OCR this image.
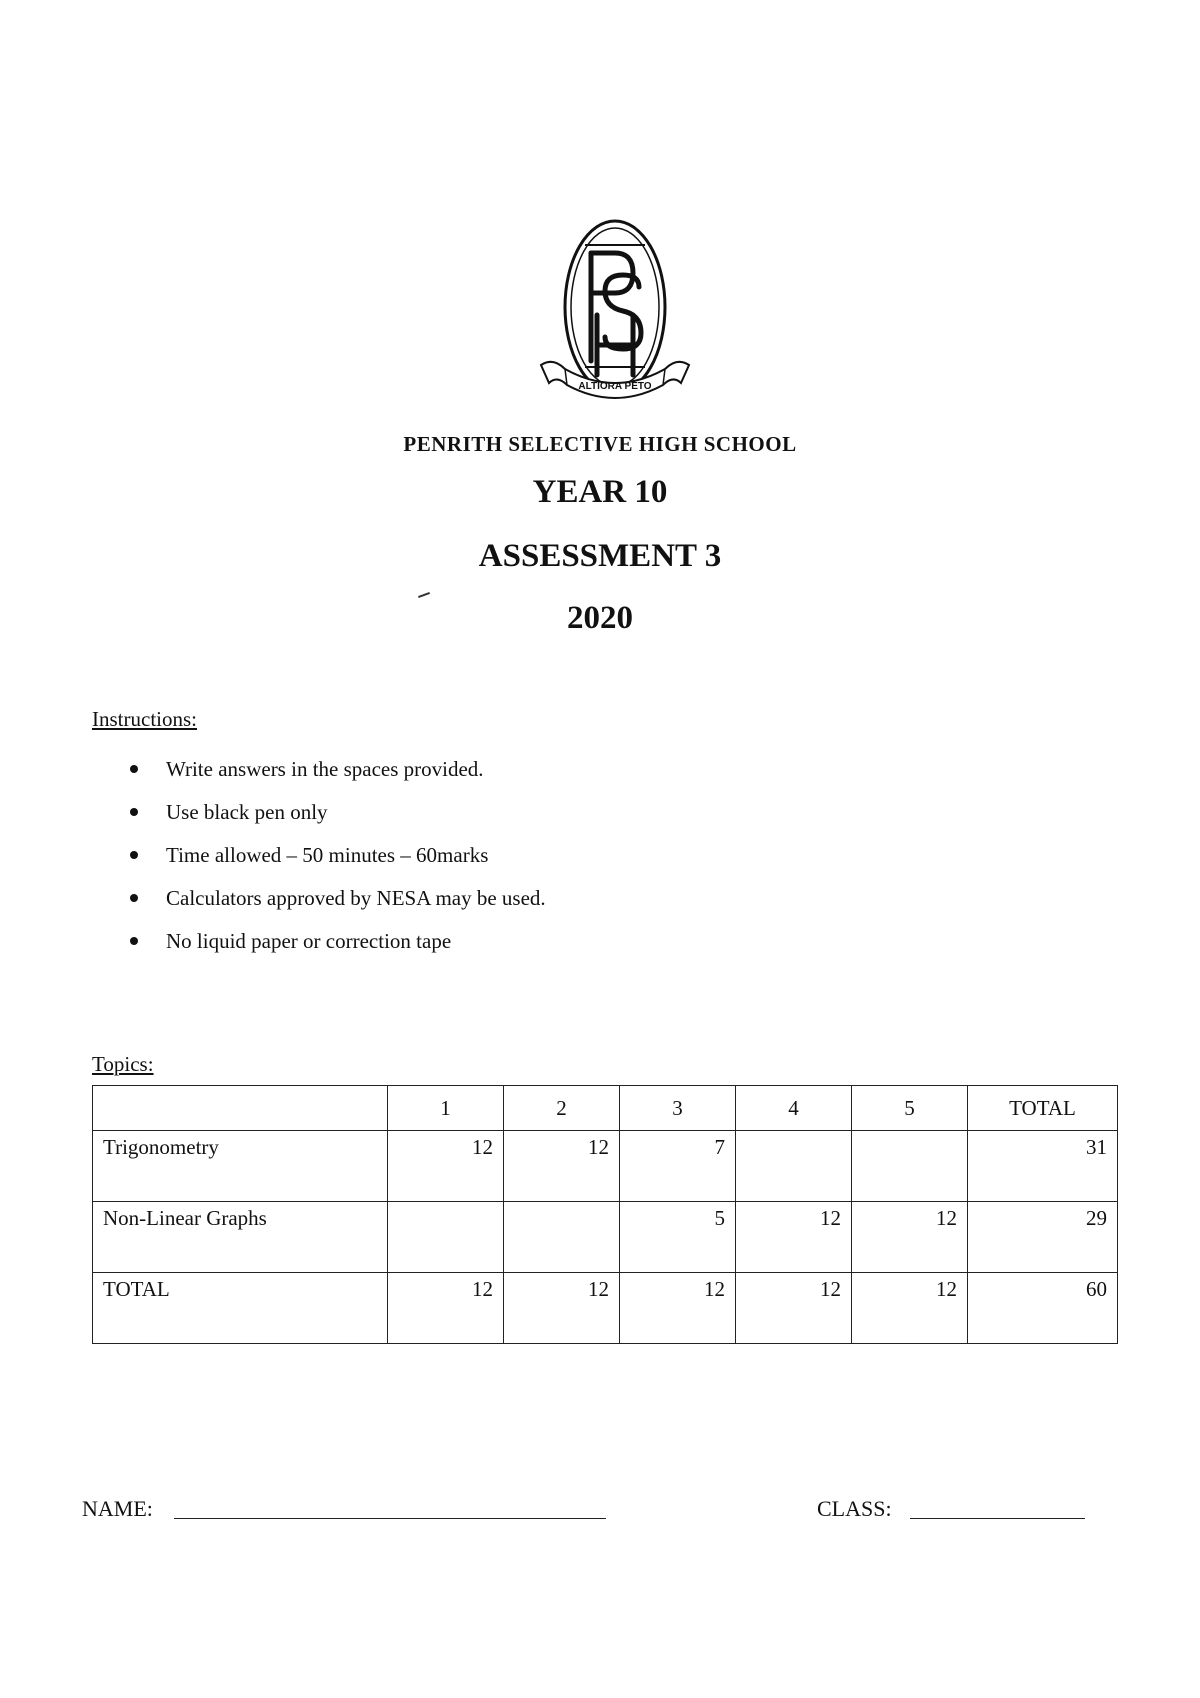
ALTIORA PETO
PENRITH SELECTIVE HIGH SCHOOL
YEAR 10
ASSESSMENT 3
2020
Instructions:
Write answers in the spaces provided.
Use black pen only
Time allowed – 50 minutes – 60marks
Calculators approved by NESA may be used.
No liquid paper or correction tape
Topics:
	1	2	3	4	5	TOTAL
Trigonometry	12	12	7			31
Non-Linear Graphs			5	12	12	29
TOTAL	12	12	12	12	12	60
NAME:	CLASS:
